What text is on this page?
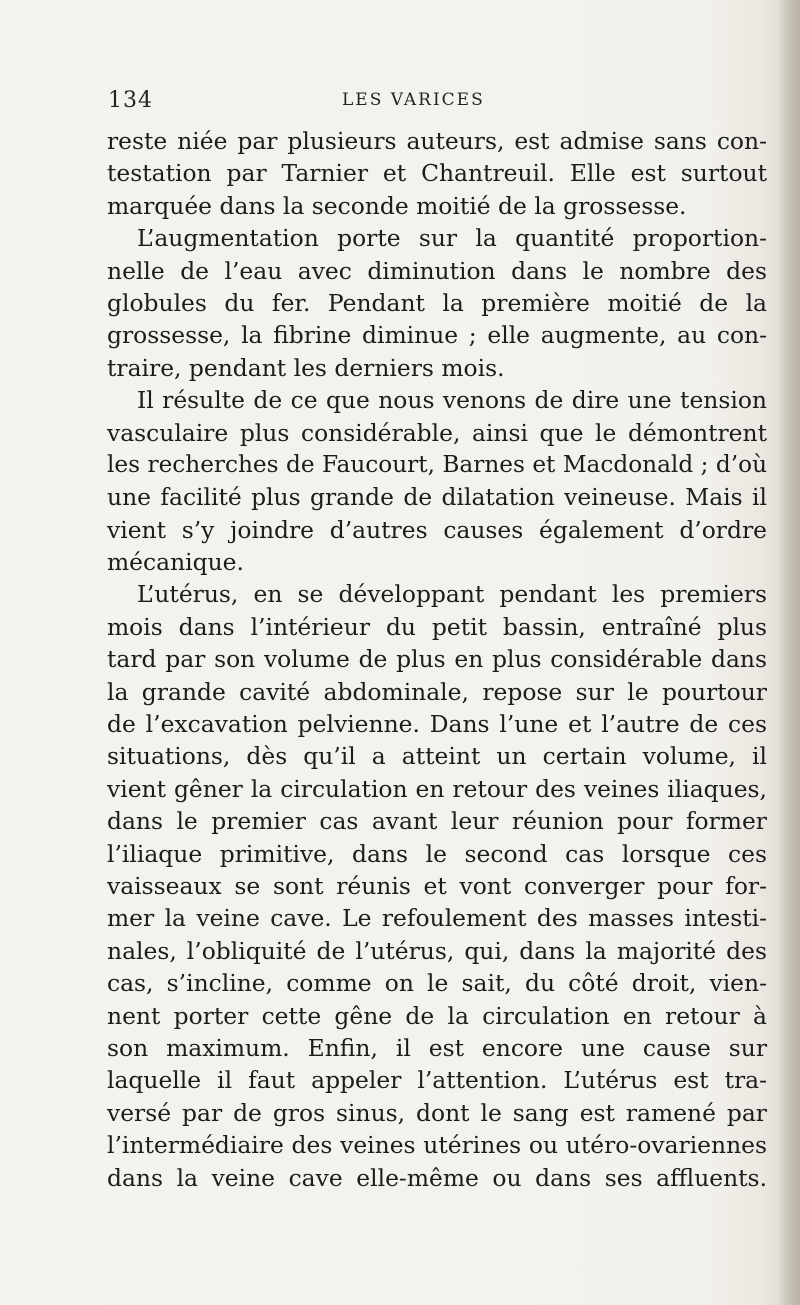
134	LES VARICES
reste niée par plusieurs auteurs, est admise sans con-
testation par Tarnier et Chantreuil. Elle est surtout
marquée dans la seconde moitié de la grossesse.
L’augmentation porte sur la quantité proportion-
nelle de l’eau avec diminution dans le nombre des
globules du fer. Pendant la première moitié de la
grossesse, la fibrine diminue ; elle augmente, au con-
traire, pendant les derniers mois.
Il résulte de ce que nous venons de dire une tension
vasculaire plus considérable, ainsi que le démontrent
les recherches de Faucourt, Barnes et Macdonald ; d’où
une facilité plus grande de dilatation veineuse. Mais il
vient s’y joindre d’autres causes également d’ordre
mécanique.
L’utérus, en se développant pendant les premiers
mois dans l’intérieur du petit bassin, entraîné plus
tard par son volume de plus en plus considérable dans
la grande cavité abdominale, repose sur le pourtour
de l’excavation pelvienne. Dans l’une et l’autre de ces
situations, dès qu’il a atteint un certain volume, il
vient gêner la circulation en retour des veines iliaques,
dans le premier cas avant leur réunion pour former
l’iliaque primitive, dans le second cas lorsque ces
vaisseaux se sont réunis et vont converger pour for-
mer la veine cave. Le refoulement des masses intesti-
nales, l’obliquité de l’utérus, qui, dans la majorité des
cas, s’incline, comme on le sait, du côté droit, vien-
nent porter cette gêne de la circulation en retour à
son maximum. Enfin, il est encore une cause sur
laquelle il faut appeler l’attention. L’utérus est tra-
versé par de gros sinus, dont le sang est ramené par
l’intermédiaire des veines utérines ou utéro-ovariennes
dans la veine cave elle-même ou dans ses affluents.
